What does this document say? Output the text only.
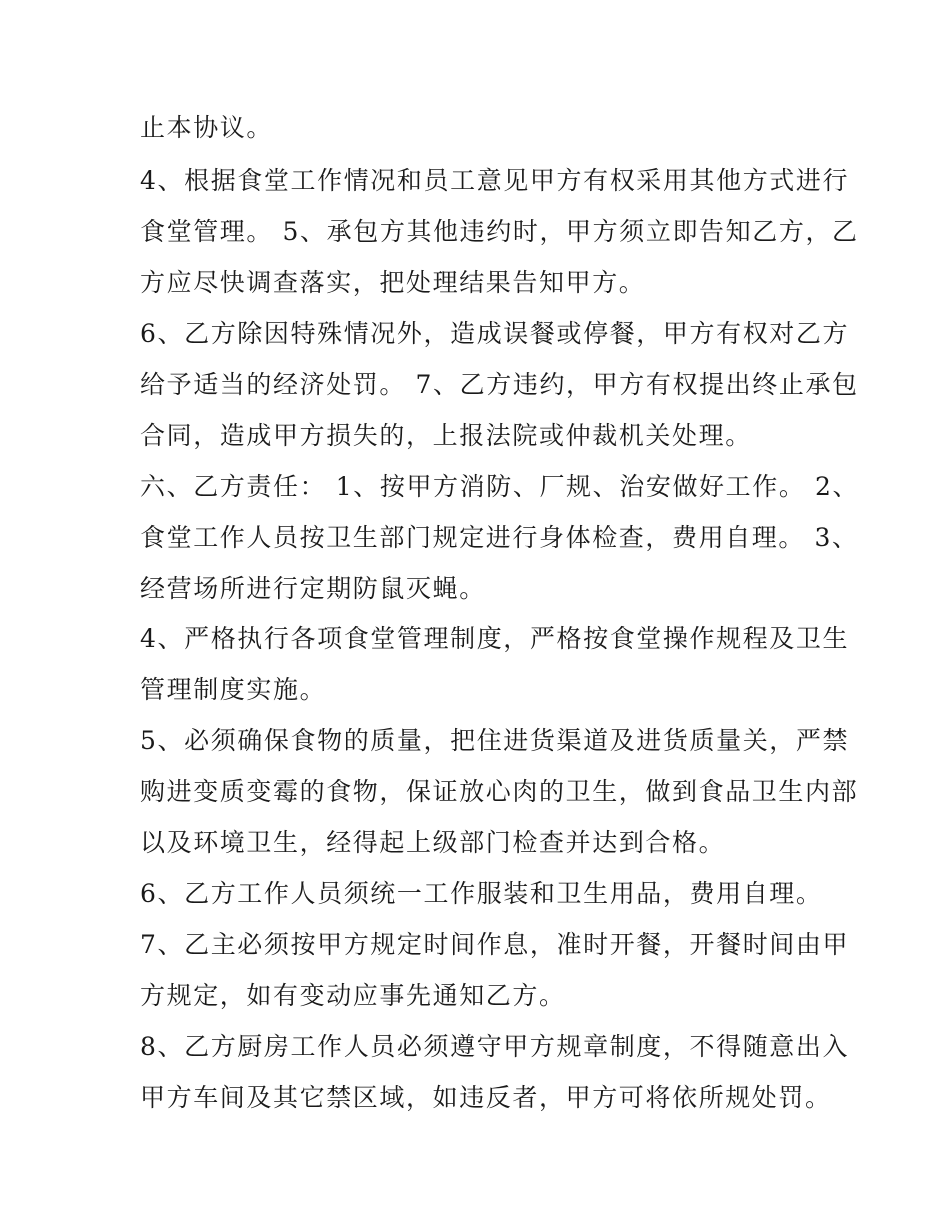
止本协议。
4、根据食堂工作情况和员工意见甲方有权采用其他方式进行
食堂管理。 5、承包方其他违约时，甲方须立即告知乙方，乙
方应尽快调查落实，把处理结果告知甲方。
6、乙方除因特殊情况外，造成误餐或停餐，甲方有权对乙方
给予适当的经济处罚。 7、乙方违约，甲方有权提出终止承包
合同，造成甲方损失的，上报法院或仲裁机关处理。
六、乙方责任： 1、按甲方消防、厂规、治安做好工作。 2、
食堂工作人员按卫生部门规定进行身体检查，费用自理。 3、
经营场所进行定期防鼠灭蝇。
4、严格执行各项食堂管理制度，严格按食堂操作规程及卫生
管理制度实施。
5、必须确保食物的质量，把住进货渠道及进货质量关，严禁
购进变质变霉的食物，保证放心肉的卫生，做到食品卫生内部
以及环境卫生，经得起上级部门检查并达到合格。
6、乙方工作人员须统一工作服装和卫生用品，费用自理。
7、乙主必须按甲方规定时间作息，准时开餐，开餐时间由甲
方规定，如有变动应事先通知乙方。
8、乙方厨房工作人员必须遵守甲方规章制度，不得随意出入
甲方车间及其它禁区域，如违反者，甲方可将依所规处罚。
